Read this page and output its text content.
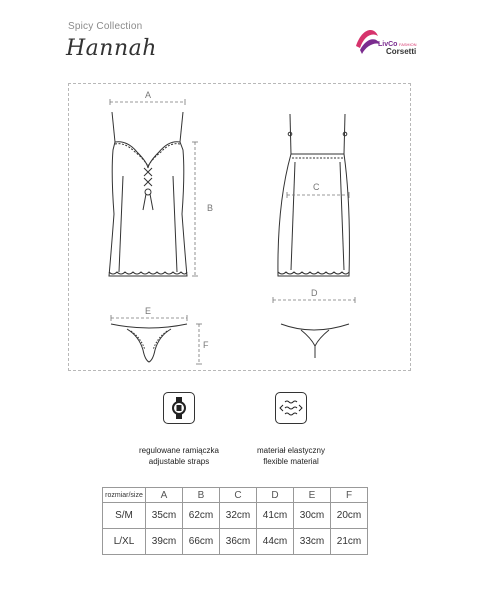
Spicy Collection
Hannah	LivCo FASHION
Corsetti
A
B
C
D
E
F
regulowane ramiączka
adjustable straps
materiał elastyczny
flexible material
rozmiar/size	A	B	C	D	E	F
S/M	35cm	62cm	32cm	41cm	30cm	20cm
L/XL	39cm	66cm	36cm	44cm	33cm	21cm
